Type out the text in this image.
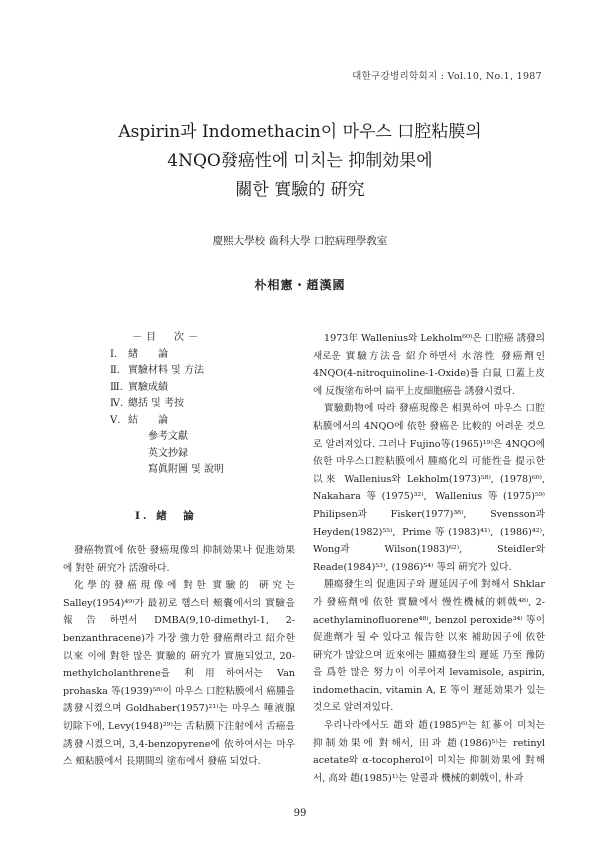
대한구강병리학회지 : Vol.10, No.1, 1987
Aspirin과 Indomethacin이 마우스 口腔粘膜의
4NQO發癌性에 미치는 抑制効果에
關한 實驗的 硏究
慶熙大學校 齒科大學 口腔病理學敎室
朴相憲・趙漢國
－目　次－
Ⅰ.	緖　　論
Ⅱ. 實驗材料 및 方法
Ⅲ. 實驗成績
Ⅳ. 總括 및 考按
Ⅴ. 結　　論
參考文獻
英文抄録
寫眞附圖 및 說明
Ⅰ. 緖　論

發癌物質에 依한 發癌現像의 抑制効果나 促進効果에 對한 硏究가 活潑하다.

化學的發癌現像에 對한 實驗的 硏究는 Salley(1954)⁴⁹⁾가 最初로 햄스터 頰囊에서의 實驗을 報告하면서 DMBA(9,10-dimethyl-1, 2-benzanthracene)가 가장 強力한 發癌劑라고 紹介한 以來 이에 對한 많은 實驗的 硏究가 實施되었고, 20-methylcholanthrene을 利用하여서는 Van prohaska 等(1939)⁵⁸⁾이 마우스 口腔粘膜에서 癌腫을 誘發시켰으며 Goldhaber(1957)²¹⁾는 마우스 唾液腺切除下에, Levy(1948)²⁹⁾는 舌粘膜下注射에서 舌癌을 誘發시켰으며, 3,4-benzopyrene에 依하여서는 마우스 頰粘膜에서 長期間의 塗布에서 發癌 되었다.

1973年 Wallenius와 Lekholm⁶⁰⁾은 口腔癌 誘發의 새로운 實驗方法을 紹介하면서 水溶性 發癌劑인 4NQO(4-nitroquinoline-1-Oxide)를 白鼠 口蓋上皮에 反復塗布하여 扁平上皮細胞癌을 誘發시켰다.

實驗動物에 따라 發癌現像은 相異하여 마우스 口腔粘膜에서의 4NQO에 依한 發癌은 比較的 어려운 것으로 알려져있다. 그러나 Fujino等(1965)¹⁹⁾은 4NQO에 依한 마우스口腔粘膜에서 腫瘍化의 可能性을 提示한 以來 Wallenius와 Lekholm(1973)⁵⁸⁾, (1978)⁶⁰⁾, Nakahara等(1975)³²⁾, Wallenius等(1975)⁵⁹⁾ Philipsen과 Fisker(1977)³⁸⁾, Svensson과 Heyden(1982)⁵⁵⁾, Prime等(1983)⁴¹⁾, (1986)⁴²⁾, Wong과 Wilson(1983)⁶²⁾, Steidler와 Reade(1984)⁵³⁾, (1986)⁵⁴⁾ 等의 硏究가 있다.

腫瘍發生의 促進因子와 遲延因子에 對해서 Shklar가 發癌劑에 依한 實驗에서 慢性機械的刺戟⁴⁸⁾, 2-acethylaminofluorene⁴⁸⁾, benzol peroxide³⁴⁾ 等이 促進劑가 될 수 있다고 報告한 以來 補助因子에 依한 硏究가 많았으며 近來에는 腫瘍發生의 遲延 乃至 豫防을 爲한 많은 努力이 이루어져 levamisole, aspirin, indomethacin, vitamin A, E 等이 遲延効果가 있는 것으로 알려져있다.

우리나라에서도 趙와 趙(1985)⁶⁾는 紅蔘이 미치는 抑制効果에 對해서, 田과 趙(1986)⁵⁾는 retinyl acetate와 α-tocopherol이 미치는 抑制効果에 對해서, 高와 趙(1985)¹⁾는 알콜과 機械的刺戟이, 朴과

99
